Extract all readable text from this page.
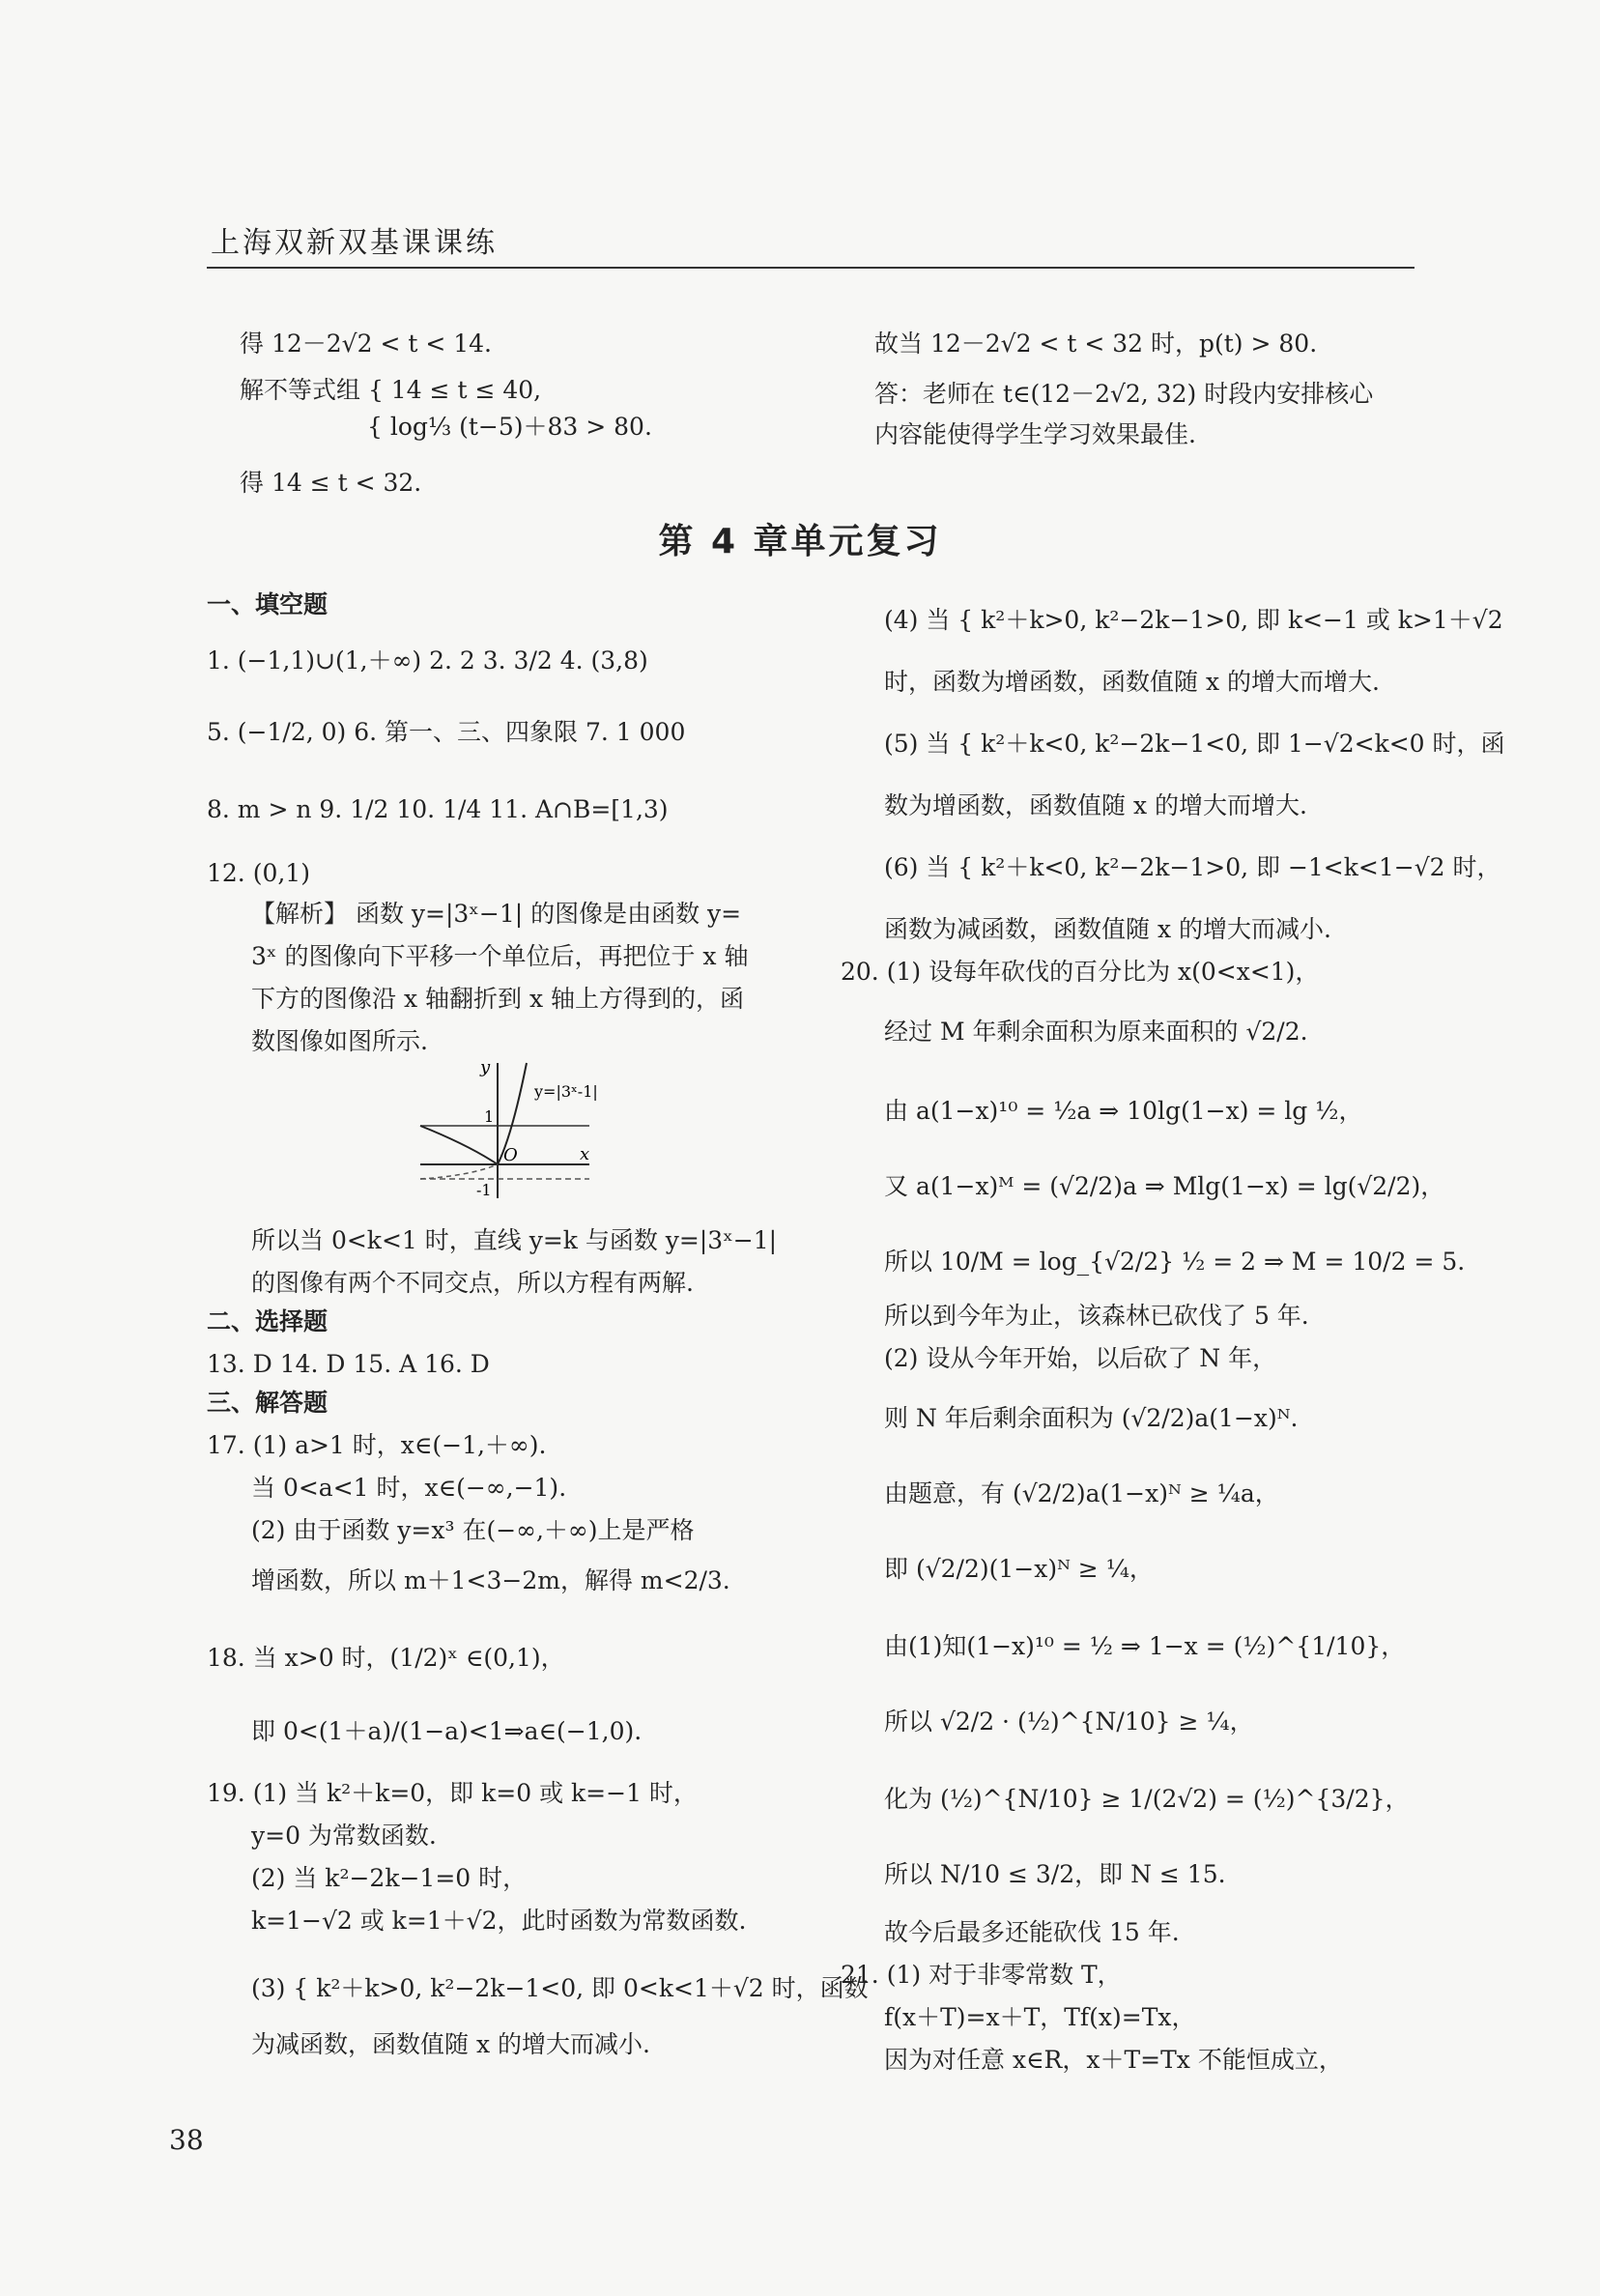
上海双新双基课课练
得 12－2√2 < t < 14.
解不等式组 { 14 ≤ t ≤ 40,
{ log⅓ (t−5)＋83 > 80.
得 14 ≤ t < 32.
故当 12－2√2 < t < 32 时，p(t) > 80.
答：老师在 t∈(12－2√2, 32) 时段内安排核心
内容能使得学生学习效果最佳.
第 4 章单元复习
一、填空题
1. (−1,1)∪(1,＋∞) 2. 2 3. 3/2 4. (3,8)
5. (−1/2, 0) 6. 第一、三、四象限 7. 1 000
8. m > n 9. 1/2 10. 1/4 11. A∩B=[1,3)
12. (0,1)
【解析】 函数 y=|3ˣ−1| 的图像是由函数 y=
3ˣ 的图像向下平移一个单位后，再把位于 x 轴
下方的图像沿 x 轴翻折到 x 轴上方得到的，函
数图像如图所示.
y
x
O
y=|3ˣ-1|
1
-1
所以当 0<k<1 时，直线 y=k 与函数 y=|3ˣ−1|
的图像有两个不同交点，所以方程有两解.
二、选择题
13. D 14. D 15. A 16. D
三、解答题
17. (1) a>1 时，x∈(−1,＋∞).
当 0<a<1 时，x∈(−∞,−1).
(2) 由于函数 y=x³ 在(−∞,＋∞)上是严格
增函数，所以 m＋1<3−2m，解得 m<2/3.
18. 当 x>0 时，(1/2)ˣ ∈(0,1)，
即 0<(1＋a)/(1−a)<1⇒a∈(−1,0).
19. (1) 当 k²＋k=0，即 k=0 或 k=−1 时，
y=0 为常数函数.
(2) 当 k²−2k−1=0 时，
k=1−√2 或 k=1＋√2，此时函数为常数函数.
(3) { k²＋k>0, k²−2k−1<0, 即 0<k<1＋√2 时，函数
为减函数，函数值随 x 的增大而减小.
(4) 当 { k²＋k>0, k²−2k−1>0, 即 k<−1 或 k>1＋√2
时，函数为增函数，函数值随 x 的增大而增大.
(5) 当 { k²＋k<0, k²−2k−1<0, 即 1−√2<k<0 时，函
数为增函数，函数值随 x 的增大而增大.
(6) 当 { k²＋k<0, k²−2k−1>0, 即 −1<k<1−√2 时，
函数为减函数，函数值随 x 的增大而减小.
20. (1) 设每年砍伐的百分比为 x(0<x<1)，
经过 M 年剩余面积为原来面积的 √2/2.
由 a(1−x)¹⁰ = ½a ⇒ 10lg(1−x) = lg ½，
又 a(1−x)ᴹ = (√2/2)a ⇒ Mlg(1−x) = lg(√2/2)，
所以 10/M = log_{√2/2} ½ = 2 ⇒ M = 10/2 = 5.
所以到今年为止，该森林已砍伐了 5 年.
(2) 设从今年开始，以后砍了 N 年，
则 N 年后剩余面积为 (√2/2)a(1−x)ᴺ.
由题意，有 (√2/2)a(1−x)ᴺ ≥ ¼a，
即 (√2/2)(1−x)ᴺ ≥ ¼，
由(1)知(1−x)¹⁰ = ½ ⇒ 1−x = (½)^{1/10}，
所以 √2/2 · (½)^{N/10} ≥ ¼，
化为 (½)^{N/10} ≥ 1/(2√2) = (½)^{3/2}，
所以 N/10 ≤ 3/2，即 N ≤ 15.
故今后最多还能砍伐 15 年.
21. (1) 对于非零常数 T，
f(x＋T)=x＋T，Tf(x)=Tx，
因为对任意 x∈R，x＋T=Tx 不能恒成立，
38
